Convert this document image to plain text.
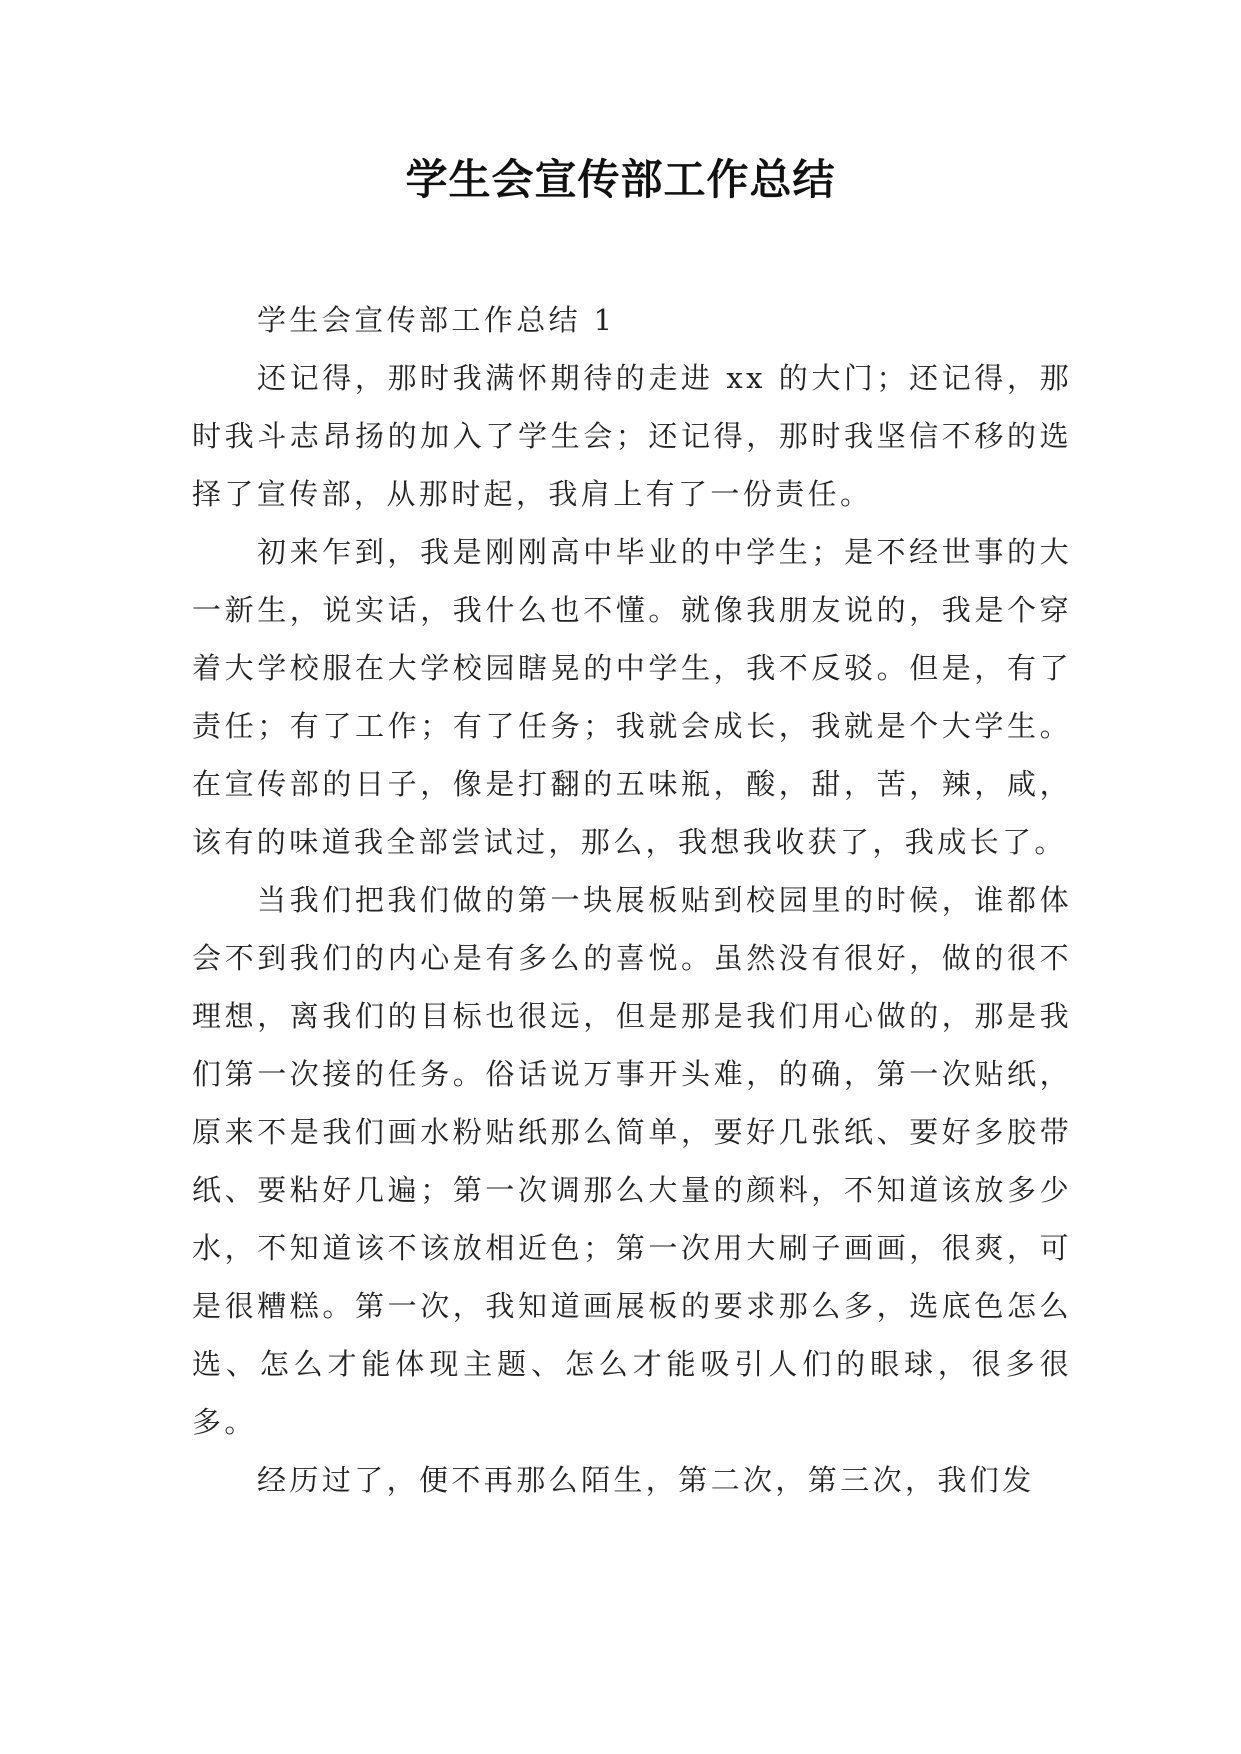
学生会宣传部工作总结

学生会宣传部工作总结 1

还记得，那时我满怀期待的走进 xx 的大门；还记得，那时我斗志昂扬的加入了学生会；还记得，那时我坚信不移的选择了宣传部，从那时起，我肩上有了一份责任。

初来乍到，我是刚刚高中毕业的中学生；是不经世事的大一新生，说实话，我什么也不懂。就像我朋友说的，我是个穿着大学校服在大学校园瞎晃的中学生，我不反驳。但是，有了责任；有了工作；有了任务；我就会成长，我就是个大学生。在宣传部的日子，像是打翻的五味瓶，酸，甜，苦，辣，咸，该有的味道我全部尝试过，那么，我想我收获了，我成长了。

当我们把我们做的第一块展板贴到校园里的时候，谁都体会不到我们的内心是有多么的喜悦。虽然没有很好，做的很不理想，离我们的目标也很远，但是那是我们用心做的，那是我们第一次接的任务。俗话说万事开头难，的确，第一次贴纸，原来不是我们画水粉贴纸那么简单，要好几张纸、要好多胶带纸、要粘好几遍；第一次调那么大量的颜料，不知道该放多少水，不知道该不该放相近色；第一次用大刷子画画，很爽，可是很糟糕。第一次，我知道画展板的要求那么多，选底色怎么选、怎么才能体现主题、怎么才能吸引人们的眼球，很多很多。

经历过了，便不再那么陌生，第二次，第三次，我们发
